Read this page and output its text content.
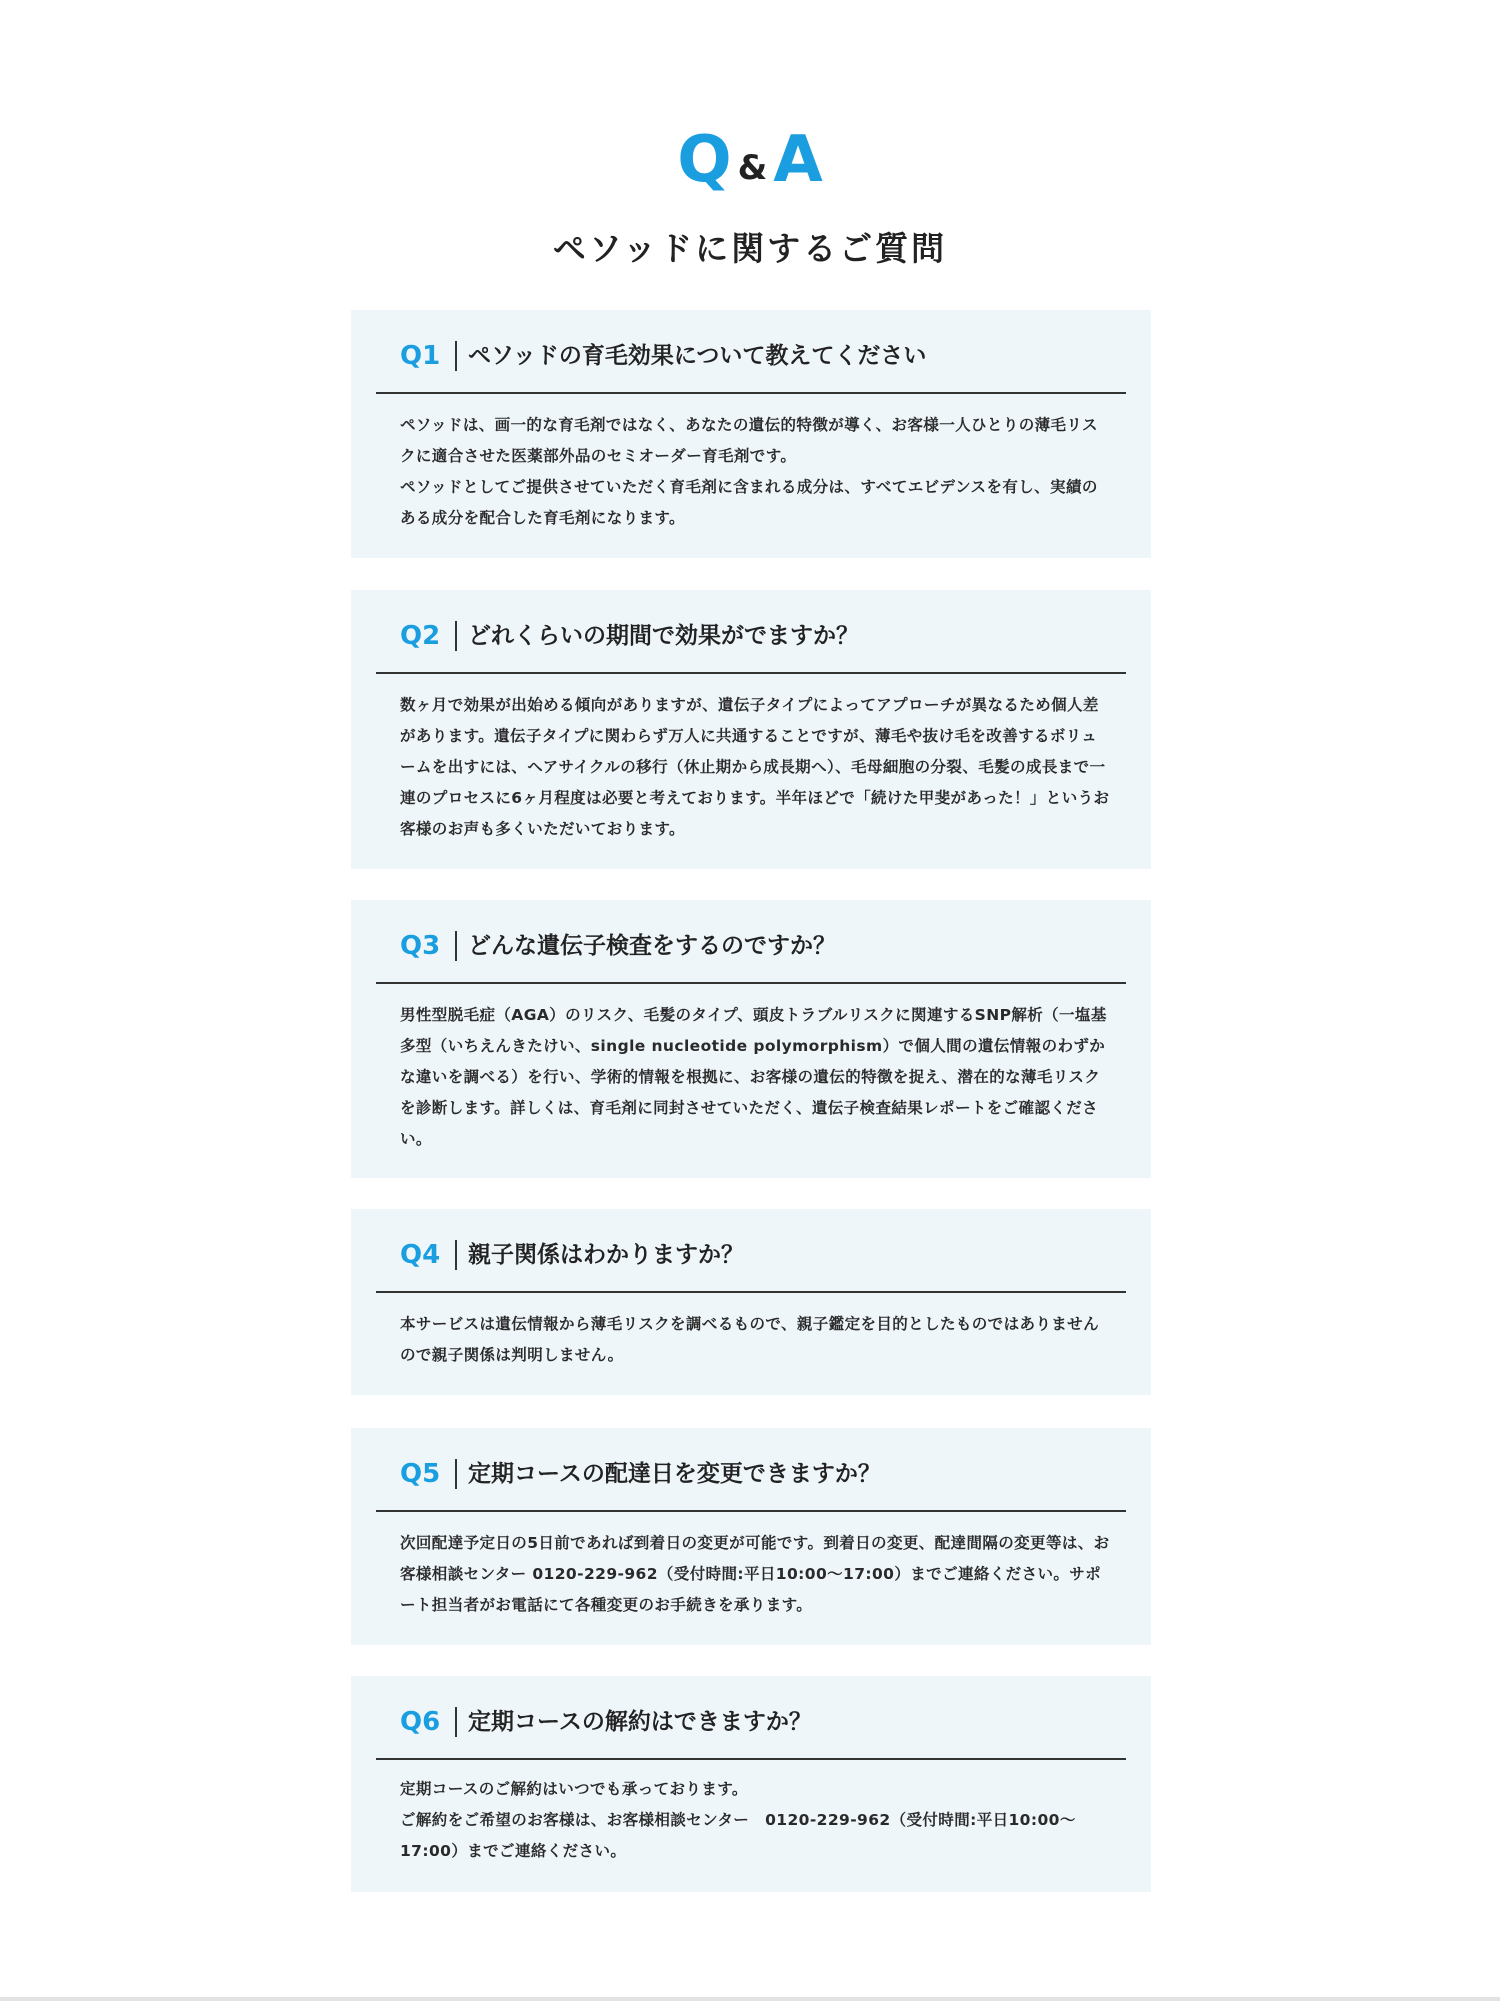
Q &A
ペソッドに関するご質問
Q1 ペソッドの育毛効果について教えてください

ペソッドは、画一的な育毛剤ではなく、あなたの遺伝的特徴が導く、お客様一人ひとりの薄毛リスクに適合させた医薬部外品のセミオーダー育毛剤です。

ペソッドとしてご提供させていただく育毛剤に含まれる成分は、すべてエビデンスを有し、実績のある成分を配合した育毛剤になります。

Q2 どれくらいの期間で効果がでますか？

数ヶ月で効果が出始める傾向がありますが、遺伝子タイプによってアプローチが異なるため個人差があります。遺伝子タイプに関わらず万人に共通することですが、薄毛や抜け毛を改善するボリュームを出すには、ヘアサイクルの移行（休止期から成長期へ）、毛母細胞の分裂、毛髪の成長まで一連のプロセスに6ヶ月程度は必要と考えております。半年ほどで「続けた甲斐があった！」というお客様のお声も多くいただいております。

Q3 どんな遺伝子検査をするのですか？

男性型脱毛症（AGA）のリスク、毛髪のタイプ、頭皮トラブルリスクに関連するSNP解析（一塩基多型（いちえんきたけい、single nucleotide polymorphism）で個人間の遺伝情報のわずかな違いを調べる）を行い、学術的情報を根拠に、お客様の遺伝的特徴を捉え、潜在的な薄毛リスクを診断します。詳しくは、育毛剤に同封させていただく、遺伝子検査結果レポートをご確認ください。

Q4 親子関係はわかりますか？

本サービスは遺伝情報から薄毛リスクを調べるもので、親子鑑定を目的としたものではありませんので親子関係は判明しません。

Q5 定期コースの配達日を変更できますか？

次回配達予定日の5日前であれば到着日の変更が可能です。到着日の変更、配達間隔の変更等は、お客様相談センター 0120-229-962（受付時間:平日10:00〜17:00）までご連絡ください。サポート担当者がお電話にて各種変更のお手続きを承ります。

Q6 定期コースの解約はできますか？

定期コースのご解約はいつでも承っております。

ご解約をご希望のお客様は、お客様相談センター　0120-229-962（受付時間:平日10:00〜17:00）までご連絡ください。
